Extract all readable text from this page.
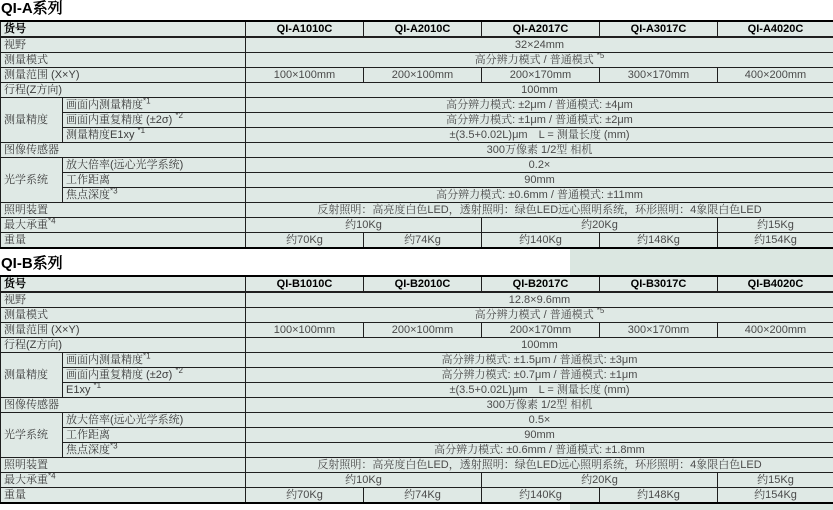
QI-A系列
货号		QI-A1010C	QI-A2010C	QI-A2017C	QI-A3017C	QI-A4020C
视野		32×24mm				
测量模式		高分辨力模式 / 普通模式 $^{*5}$
测量范围 (X×Y)		100×100mm	200×100mm	200×170mm	300×170mm	400×200mm
行程(Z方向)		100mm				
测量精度	画面内测量精度$^{*1}$	高分辨力模式: ±2μm / 普通模式: ±4μm				
	画面内重复精度 (±2σ) $^{*2}$	高分辨力模式: ±1μm / 普通模式: ±2μm				
	测量精度E1xy $^{*1}$	±(3.5+0.02L)μm　L = 测量长度 (mm)				
图像传感器		300万像素 1/2型 相机				
光学系统	放大倍率(远心光学系统)	0.2×				
	工作距离	90mm				
	焦点深度$^{*3}$	高分辨力模式: ±0.6mm / 普通模式: ±11mm				
照明装置		反射照明：高亮度白色LED，透射照明：绿色LED远心照明系统，环形照明：4象限白色LED				
最大承重$^{*4}$		约10Kg		约20Kg		约15Kg
重量		约70Kg	约74Kg	约140Kg	约148Kg	约154Kg
QI-B系列
货号		QI-B1010C	QI-B2010C	QI-B2017C	QI-B3017C	QI-B4020C
视野		12.8×9.6mm				
测量模式		高分辨力模式 / 普通模式 $^{*5}$
测量范围 (X×Y)		100×100mm	200×100mm	200×170mm	300×170mm	400×200mm
行程(Z方向)		100mm				
测量精度	画面内测量精度$^{*1}$	高分辨力模式: ±1.5μm / 普通模式: ±3μm				
	画面内重复精度 (±2σ) $^{*2}$	高分辨力模式: ±0.7μm / 普通模式: ±1μm				
	E1xy $^{*1}$	±(3.5+0.02L)μm　L = 测量长度 (mm)				
图像传感器		300万像素 1/2型 相机				
光学系统	放大倍率(远心光学系统)	0.5×				
	工作距离	90mm				
	焦点深度$^{*3}$	高分辨力模式: ±0.6mm / 普通模式: ±1.8mm				
照明装置		反射照明：高亮度白色LED，透射照明：绿色LED远心照明系统，环形照明：4象限白色LED				
最大承重$^{*4}$		约10Kg		约20Kg		约15Kg
重量		约70Kg	约74Kg	约140Kg	约148Kg	约154Kg
